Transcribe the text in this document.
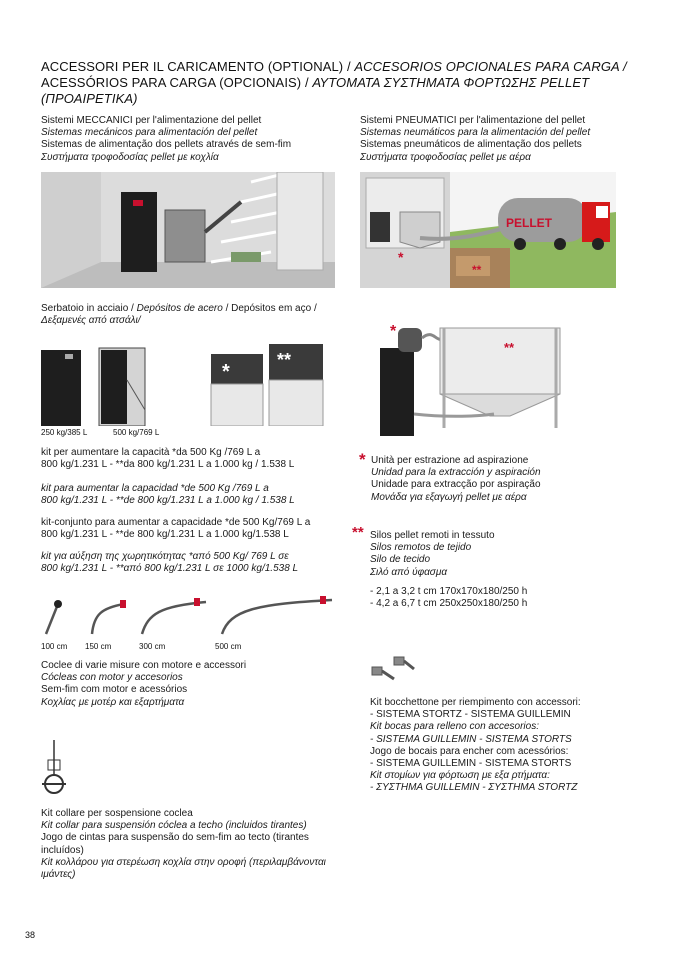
ACCESSORI PER IL CARICAMENTO (OPTIONAL) / ACCESORIOS OPCIONALES PARA CARGA /
ACESSÓRIOS PARA CARGA (OPCIONAIS) / ΑΥΤΟΜΑΤΑ ΣΥΣΤΗΜΑΤΑ ΦΟΡΤΩΣΗΣ PELLET (ΠΡΟΑΙΡΕΤΙΚΑ)
Sistemi MECCANICI per l'alimentazione del pellet
Sistemas mecánicos para alimentación del pellet
Sistemas de alimentação dos pellets através de sem-fim
Συστήματα τροφοδοσίας pellet με κοχλία
Sistemi PNEUMATICI per l'alimentazione del pellet
Sistemas neumáticos para la alimentación del pellet
Sistemas pneumáticos de alimentação dos pellets
Συστήματα τροφοδοσίας pellet με αέρα
PELLET
*
**
Serbatoio in acciaio / Depósitos de acero / Depósitos em aço /
Δεξαμενές από ατσάλι/
*
**
250 kg/385 L	500 kg/769 L
kit per aumentare la capacità *da 500 Kg /769 L a
800 kg/1.231 L - **da 800 kg/1.231 L a 1.000 kg / 1.538 L
kit para aumentar la capacidad *de 500 Kg /769 L a
800 kg/1.231 L - **de 800 kg/1.231 L a 1.000 kg / 1.538 L
kit-conjunto para aumentar a capacidade *de 500 Kg/769 L a
800 kg/1.231 L - **de 800 kg/1.231 L a 1.000 kg/1.538 L
kit για αύξηση της χωρητικότητας *από 500 Kg/ 769 L σε
800 kg/1.231 L - **από 800 kg/1.231 L σε 1000 kg/1.538 L
100 cm 150 cm	300 cm	500 cm
Coclee di varie misure con motore e accessori
Cócleas con motor y accesorios
Sem-fim com motor e acessórios
Κοχλίας με μοτέρ και εξαρτήματα
Kit collare per sospensione coclea
Kit collar para suspensión cóclea a techo (incluidos tirantes)
Jogo de cintas para suspensão do sem-fim ao tecto (tirantes
incluídos)
Kit κολλάρου για στερέωση κοχλία στην οροφή (περιλαμβάνονται
ιμάντες)
*
**
* Unità per estrazione ad aspirazione
Unidad para la extracción y aspiración
Unidade para extracção por aspiração
Μονάδα για εξαγωγή pellet με αέρα
** Silos pellet remoti in tessuto
Silos remotos de tejido
Silo de tecido
Σιλό από ύφασμα
- 2,1 a 3,2 t cm 170x170x180/250 h
- 4,2 a 6,7 t cm 250x250x180/250 h
Kit bocchettone per riempimento con accessori:
- SISTEMA STORTZ - SISTEMA GUILLEMIN
Kit bocas para relleno con accesorios:
- SISTEMA GUILLEMIN - SISTEMA STORTS
Jogo de bocais para encher com acessórios:
- SISTEMA GUILLEMIN - SISTEMA STORTS
Kit στομίων για φόρτωση με εξα ρτήματα:
- ΣΥΣΤΗΜΑ GUILLEMIN - ΣΥΣΤΗΜΑ STORTZ
38
